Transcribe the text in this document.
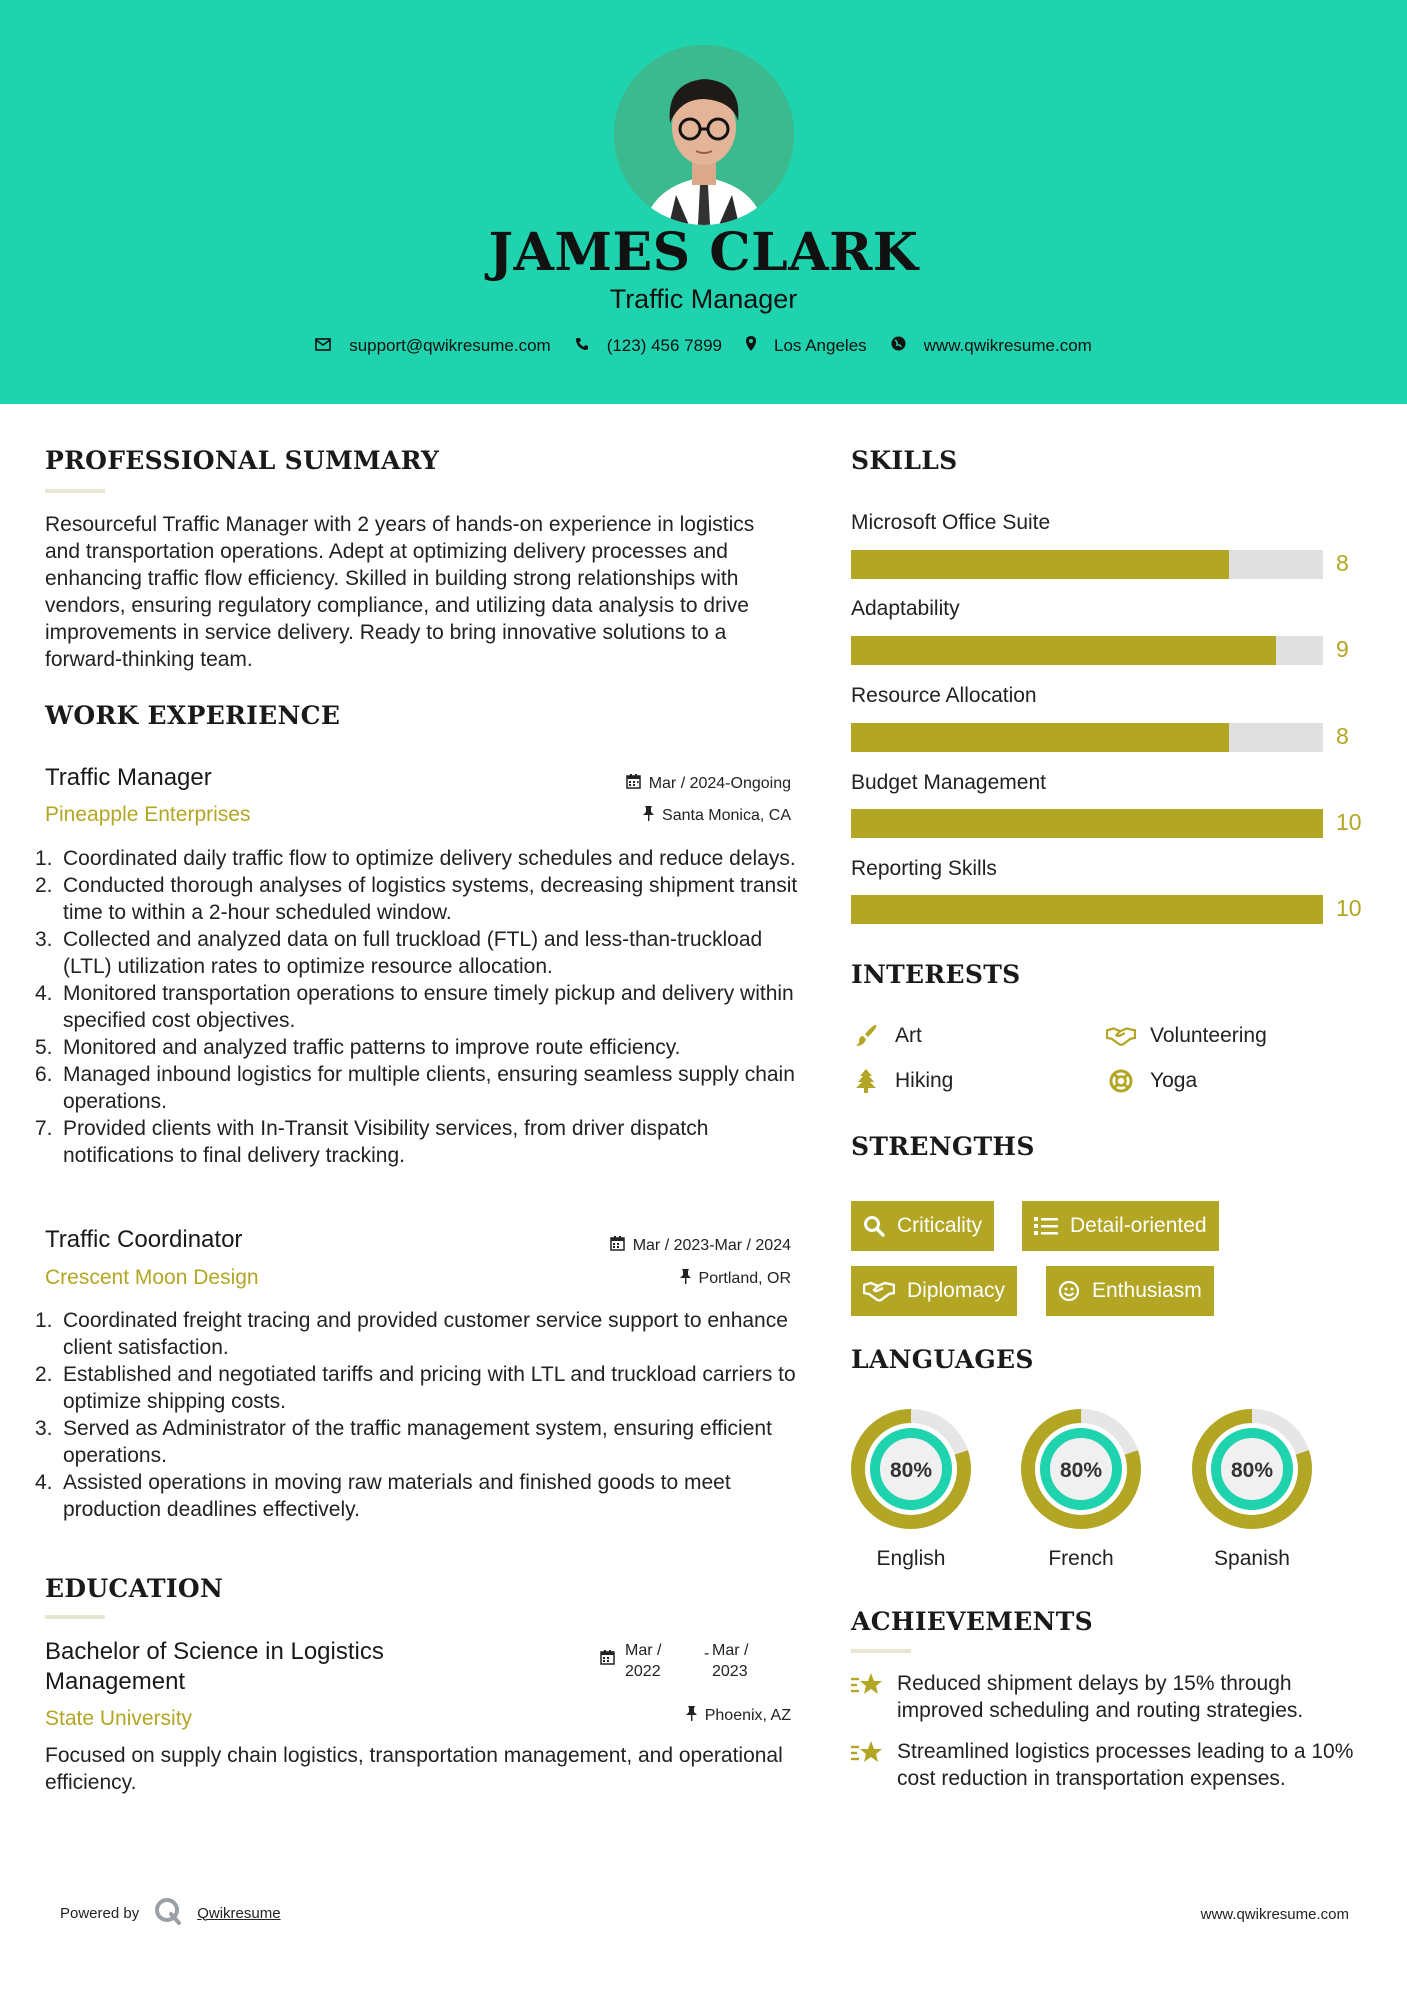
JAMES CLARK
Traffic Manager
support@qwikresume.com	(123) 456 7899	Los Angeles	www.qwikresume.com
PROFESSIONAL SUMMARY
Resourceful Traffic Manager with 2 years of hands-on experience in logistics and transportation operations. Adept at optimizing delivery processes and enhancing traffic flow efficiency. Skilled in building strong relationships with vendors, ensuring regulatory compliance, and utilizing data analysis to drive improvements in service delivery. Ready to bring innovative solutions to a forward-thinking team.
WORK EXPERIENCE
Traffic Manager
Pineapple Enterprises
Mar / 2024-Ongoing
Santa Monica, CA
1. Coordinated daily traffic flow to optimize delivery schedules and reduce delays.
2. Conducted thorough analyses of logistics systems, decreasing shipment transit time to within a 2-hour scheduled window.
3. Collected and analyzed data on full truckload (FTL) and less-than-truckload (LTL) utilization rates to optimize resource allocation.
4. Monitored transportation operations to ensure timely pickup and delivery within specified cost objectives.
5. Monitored and analyzed traffic patterns to improve route efficiency.
6. Managed inbound logistics for multiple clients, ensuring seamless supply chain operations.
7. Provided clients with In-Transit Visibility services, from driver dispatch notifications to final delivery tracking.
Traffic Coordinator
Crescent Moon Design
Mar / 2023-Mar / 2024
Portland, OR
1. Coordinated freight tracing and provided customer service support to enhance client satisfaction.
2. Established and negotiated tariffs and pricing with LTL and truckload carriers to optimize shipping costs.
3. Served as Administrator of the traffic management system, ensuring efficient operations.
4. Assisted operations in moving raw materials and finished goods to meet production deadlines effectively.
EDUCATION
Bachelor of Science in Logistics
Management
State University
Mar /
2022
- Mar /
2023
Phoenix, AZ
Focused on supply chain logistics, transportation management, and operational efficiency.
SKILLS
Microsoft Office Suite
8
Adaptability
9
Resource Allocation
8
Budget Management
10
Reporting Skills
10
INTERESTS
Art	Volunteering
Hiking	Yoga
STRENGTHS
Criticality	Detail-oriented
Diplomacy	Enthusiasm
LANGUAGES
80%
English
80%
French
80%
Spanish
ACHIEVEMENTS
Reduced shipment delays by 15% through improved scheduling and routing strategies.
Streamlined logistics processes leading to a 10% cost reduction in transportation expenses.
Powered by	Qwikresume	www.qwikresume.com
